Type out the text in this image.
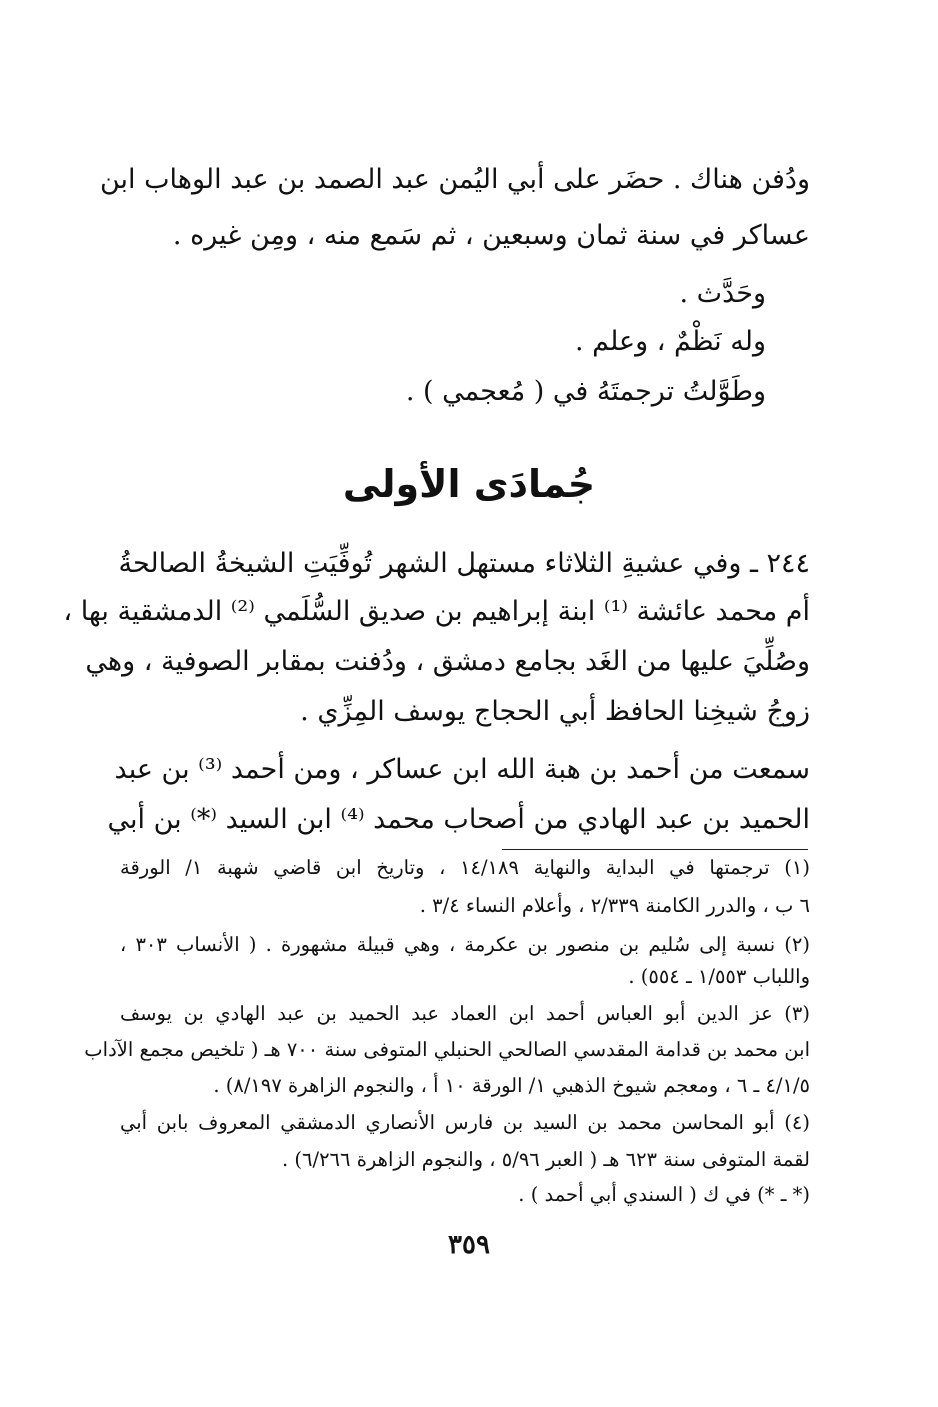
ودُفن هناك . حضَر على أبي اليُمن عبد الصمد بن عبد الوهاب ابن
عساكر في سنة ثمان وسبعين ، ثم سَمع منه ، ومِن غيره .
وحَدَّث .
وله نَظْمٌ ، وعلم .
وطَوَّلتُ ترجمتَهُ في ( مُعجمي ) .
جُمادَى الأولى
٢٤٤ ـ وفي عشيةِ الثلاثاء مستهل الشهر تُوفِّيَتِ الشيخةُ الصالحةُ
أم محمد عائشة ⁽¹⁾ ابنة إبراهيم بن صديق السُّلَمي ⁽²⁾ الدمشقية بها ،
وصُلِّيَ عليها من الغَد بجامع دمشق ، ودُفنت بمقابر الصوفية ، وهي
زوجُ شيخِنا الحافظ أبي الحجاج يوسف المِزِّي .
سمعت من أحمد بن هبة الله ابن عساكر ، ومن أحمد ⁽³⁾ بن عبد
الحميد بن عبد الهادي من أصحاب محمد ⁽⁴⁾ ابن السيد ⁽*⁾ بن أبي
(١) ترجمتها في البداية والنهاية ١٤/١٨٩ ، وتاريخ ابن قاضي شهبة ١/ الورقة
٦ ب ، والدرر الكامنة ٢/٣٣٩ ، وأعلام النساء ٣/٤ .
(٢) نسبة إلى سُليم بن منصور بن عكرمة ، وهي قبيلة مشهورة . ( الأنساب ٣٠٣ ،
واللباب ١/٥٥٣ ـ ٥٥٤) .
(٣) عز الدين أبو العباس أحمد ابن العماد عبد الحميد بن عبد الهادي بن يوسف
ابن محمد بن قدامة المقدسي الصالحي الحنبلي المتوفى سنة ٧٠٠ هـ ( تلخيص مجمع الآداب
٤/١/٥ ـ ٦ ، ومعجم شيوخ الذهبي ١/ الورقة ١٠ أ ، والنجوم الزاهرة ٨/١٩٧) .
(٤) أبو المحاسن محمد بن السيد بن فارس الأنصاري الدمشقي المعروف بابن أبي
لقمة المتوفى سنة ٦٢٣ هـ ( العبر ٥/٩٦ ، والنجوم الزاهرة ٦/٢٦٦) .
(* ـ *) في ك ( السندي أبي أحمد ) .
٣٥٩
